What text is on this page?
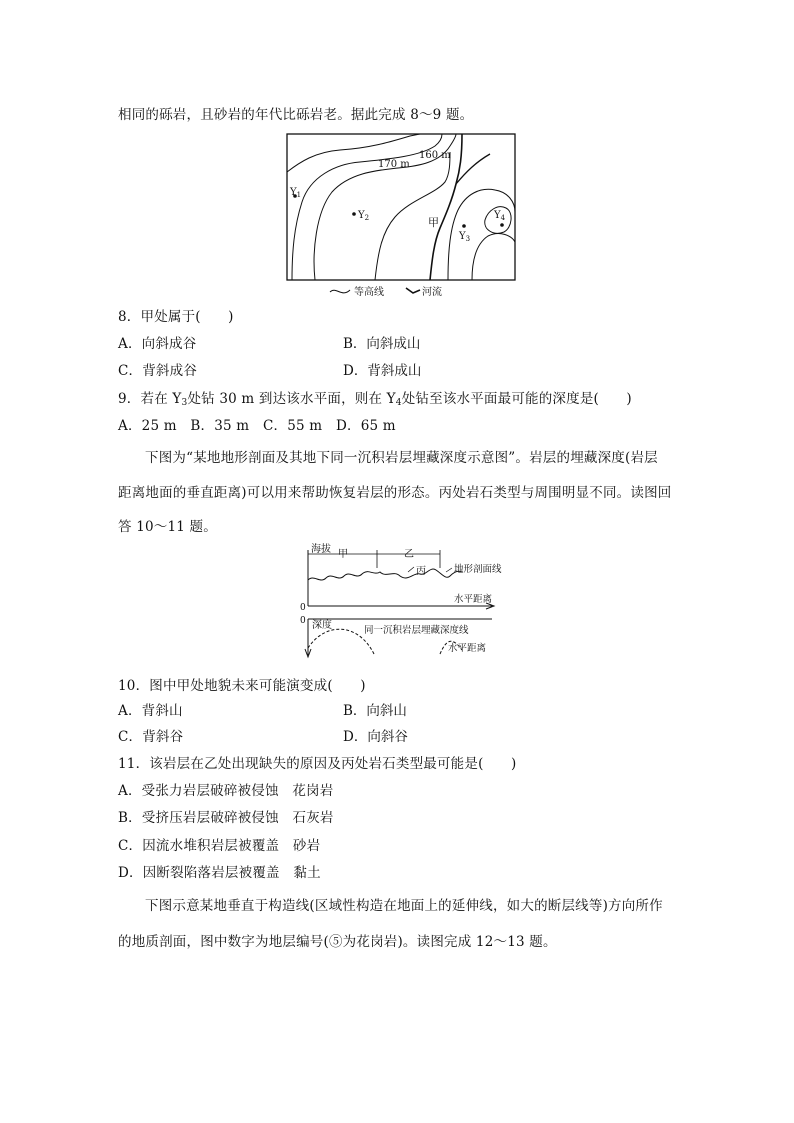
相同的砾岩，且砂岩的年代比砾岩老。据此完成 8～9 题。
170 m
160 m
$Y_1$
$Y_2$
$Y_3$
$Y_4$
甲
等高线	河流
8．甲处属于(　　)
A．向斜成谷	B．向斜成山
C．背斜成谷	D．背斜成山
9．若在 $Y_3$处钻 30 m 到达该水平面，则在 $Y_4$处钻至该水平面最可能的深度是(　　)
A．25 m　B．35 m　C．55 m　D．65 m
下图为“某地地形剖面及其地下同一沉积岩层埋藏深度示意图”。岩层的埋藏深度(岩层
距离地面的垂直距离)可以用来帮助恢复岩层的形态。丙处岩石类型与周围明显不同。读图回
答 10～11 题。
海拔
0
甲	乙
丙	地形剖面线
水平距离
0 深度	同一沉积岩层埋藏深度线
水平距离
10．图中甲处地貌未来可能演变成(　　)
A．背斜山	B．向斜山
C．背斜谷	D．向斜谷
11．该岩层在乙处出现缺失的原因及丙处岩石类型最可能是(　　)
A．受张力岩层破碎被侵蚀　花岗岩
B．受挤压岩层破碎被侵蚀　石灰岩
C．因流水堆积岩层被覆盖　砂岩
D．因断裂陷落岩层被覆盖　黏土
下图示意某地垂直于构造线(区域性构造在地面上的延伸线，如大的断层线等)方向所作
的地质剖面，图中数字为地层编号(⑤为花岗岩)。读图完成 12～13 题。
